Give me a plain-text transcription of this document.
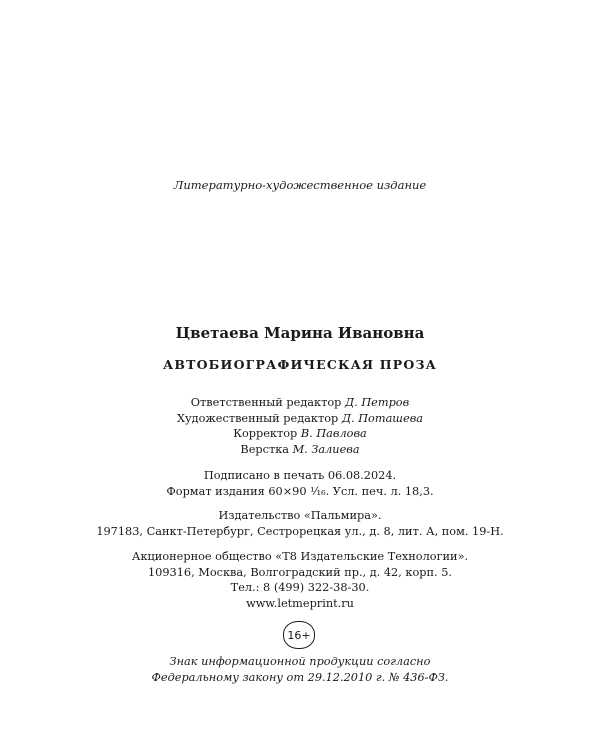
Литературно-художественное издание
Цветаева Марина Ивановна
АВТОБИОГРАФИЧЕСКАЯ ПРОЗА
Ответственный редактор Д. Петров
Художественный редактор Д. Поташева
Корректор В. Павлова
Верстка М. Залиева
Подписано в печать 06.08.2024.
Формат издания 60×90 ¹⁄₁₆. Усл. печ. л. 18,3.
Издательство «Пальмира».
197183, Санкт-Петербург, Сестрорецкая ул., д. 8, лит. А, пом. 19-Н.
Акционерное общество «Т8 Издательские Технологии».
109316, Москва, Волгоградский пр., д. 42, корп. 5.
Тел.: 8 (499) 322-38-30.
www.letmeprint.ru
16+
Знак информационной продукции согласно
Федеральному закону от 29.12.2010 г. № 436-ФЗ.
